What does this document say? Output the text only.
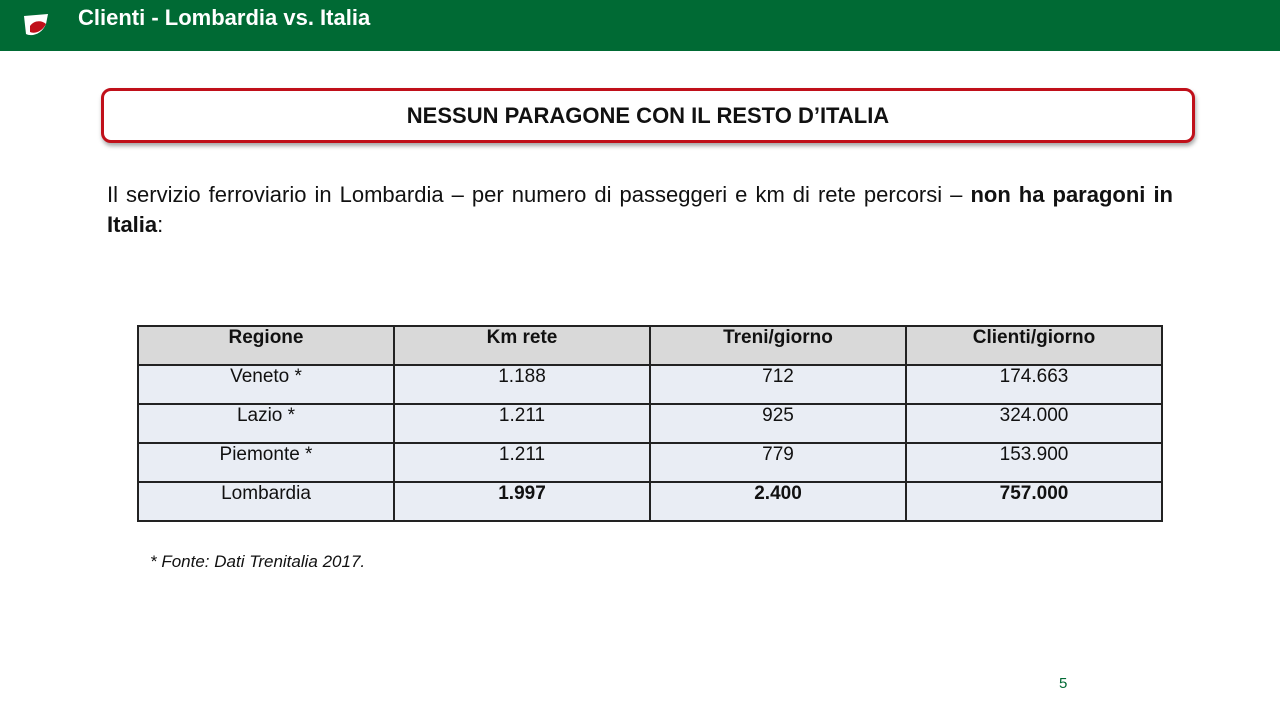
Clienti - Lombardia vs. Italia
NESSUN PARAGONE CON IL RESTO D’ITALIA
Il servizio ferroviario in Lombardia – per numero di passeggeri e km di rete percorsi – non ha paragoni in Italia:
Regione	Km rete	Treni/giorno	Clienti/giorno
Veneto *	1.188	712	174.663
Lazio *	1.211	925	324.000
Piemonte *	1.211	779	153.900
Lombardia	1.997	2.400	757.000
* Fonte: Dati Trenitalia 2017.
5
